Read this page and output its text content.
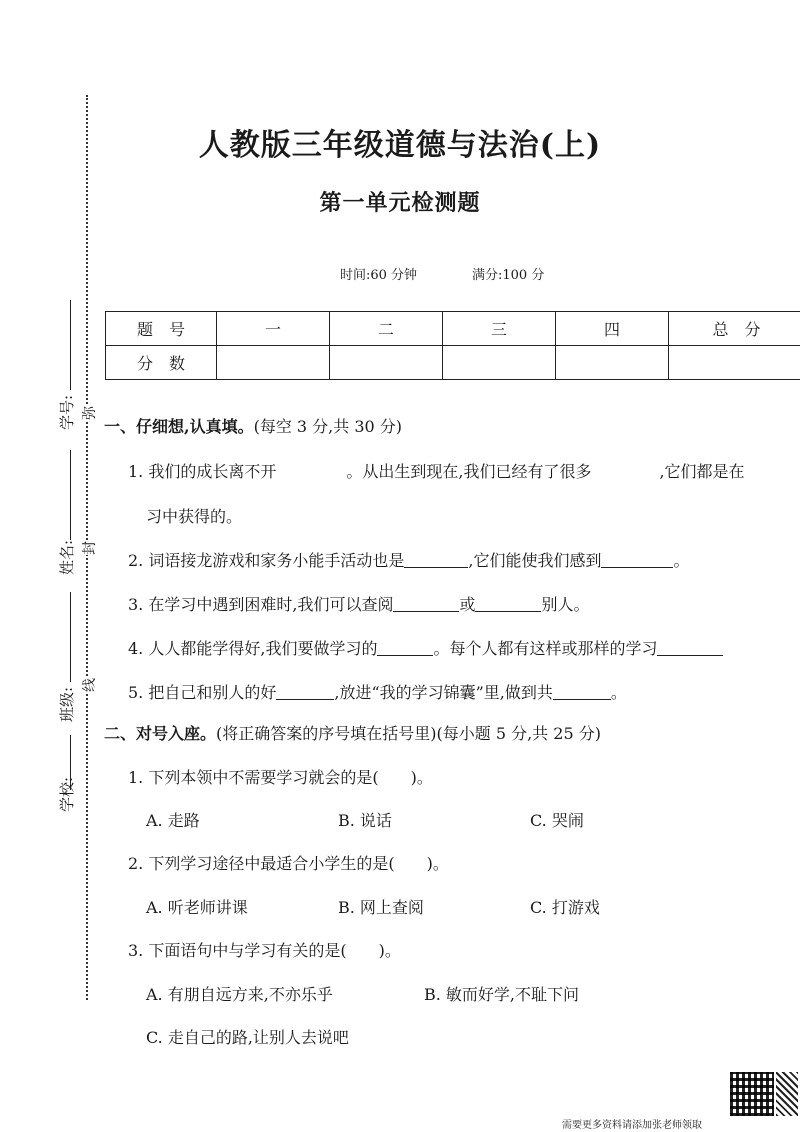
学号:
姓名:
班级:
学校:
弥
封
线
人教版三年级道德与法治(上)
第一单元检测题
时间:60 分钟	满分:100 分
题　号	一	二	三	四	总　分
分　数					
一、仔细想,认真填。(每空 3 分,共 30 分)
1. 我们的成长离不开	。从出生到现在,我们已经有了很多	,它们都是在
习中获得的。
2. 词语接龙游戏和家务小能手活动也是	,它们能使我们感到	。
3. 在学习中遇到困难时,我们可以查阅	或	别人。
4. 人人都能学得好,我们要做学习的	。每个人都有这样或那样的学习
5. 把自己和别人的好	,放进“我的学习锦囊”里,做到共	。
二、对号入座。(将正确答案的序号填在括号里)(每小题 5 分,共 25 分)
1. 下列本领中不需要学习就会的是(　　)。
A. 走路	B. 说话	C. 哭闹
2. 下列学习途径中最适合小学生的是(　　)。
A. 听老师讲课	B. 网上查阅	C. 打游戏
3. 下面语句中与学习有关的是(　　)。
A. 有朋自远方来,不亦乐乎	B. 敏而好学,不耻下问
C. 走自己的路,让别人去说吧
需要更多资料请添加张老师领取
